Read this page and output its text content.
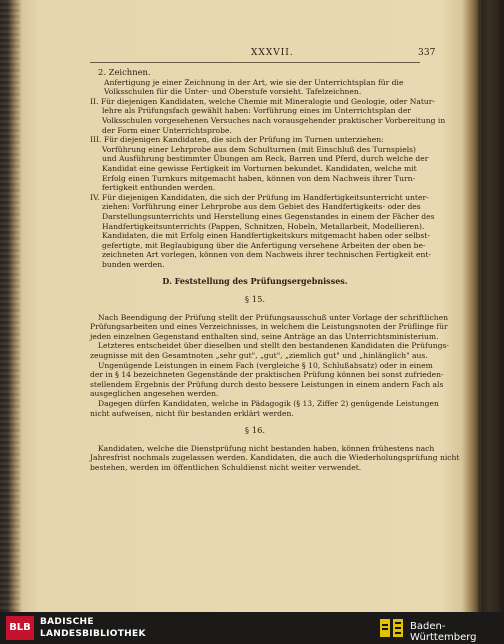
XXXVII.	337
2. Zeichnen.
Anfertigung je einer Zeichnung in der Art, wie sie der Unterrichtsplan für die
Volksschulen für die Unter- und Oberstufe vorsieht. Tafelzeichnen.
II. Für diejenigen Kandidaten, welche Chemie mit Mineralogie und Geologie, oder Natur-
lehre als Prüfungsfach gewählt haben: Vorführung eines im Unterrichtsplan der
Volksschulen vorgesehenen Versuches nach vorausgehender praktischer Vorbereitung in
der Form einer Unterrichtsprobe.
III. Für diejenigen Kandidaten, die sich der Prüfung im Turnen unterziehen:
Vorführung einer Lehrprobe aus dem Schulturnen (mit Einschluß des Turnspiels)
und Ausführung bestimmter Übungen am Reck, Barren und Pferd, durch welche der
Kandidat eine gewisse Fertigkeit im Vorturnen bekundet. Kandidaten, welche mit
Erfolg einen Turnkurs mitgemacht haben, können von dem Nachweis ihrer Turn-
fertigkeit entbunden werden.
IV. Für diejenigen Kandidaten, die sich der Prüfung im Handfertigkeitsunterricht unter-
ziehen: Vorführung einer Lehrprobe aus dem Gebiet des Handfertigkeits- oder des
Darstellungsunterrichts und Herstellung eines Gegenstandes in einem der Fächer des
Handfertigkeitsunterrichts (Pappen, Schnitzen, Hobeln, Metallarbeit, Modellieren).
Kandidaten, die mit Erfolg einen Handfertigkeitskurs mitgemacht haben oder selbst-
gefertigte, mit Beglaubigung über die Anfertigung versehene Arbeiten der oben be-
zeichneten Art vorlegen, können von dem Nachweis ihrer technischen Fertigkeit ent-
bunden werden.
D. Feststellung des Prüfungsergebnisses.
§ 15.
Nach Beendigung der Prüfung stellt der Prüfungsausschuß unter Vorlage der schriftlichen
Prüfungsarbeiten und eines Verzeichnisses, in welchem die Leistungsnoten der Prüflinge für
jeden einzelnen Gegenstand enthalten sind, seine Anträge an das Unterrichtsministerium.
Letzteres entscheidet über dieselben und stellt den bestandenen Kandidaten die Prüfungs-
zeugnisse mit den Gesamtnoten „sehr gut", „gut", „ziemlich gut" und „hinlänglich" aus.
Ungenügende Leistungen in einem Fach (vergleiche § 10, Schlußabsatz) oder in einem
der in § 14 bezeichneten Gegenstände der praktischen Prüfung können bei sonst zufrieden-
stellendem Ergebnis der Prüfung durch desto bessere Leistungen in einem andern Fach als
ausgeglichen angesehen werden.
Dagegen dürfen Kandidaten, welche in Pädagogik (§ 13, Ziffer 2) genügende Leistungen
nicht aufweisen, nicht für bestanden erklärt werden.
§ 16.
Kandidaten, welche die Dienstprüfung nicht bestanden haben, können frühestens nach
Jahresfrist nochmals zugelassen werden. Kandidaten, die auch die Wiederholungsprüfung nicht
bestehen, werden im öffentlichen Schuldienst nicht weiter verwendet.
BLB	BADISCHE
LANDESBIBLIOTHEK
Baden-Württemberg
